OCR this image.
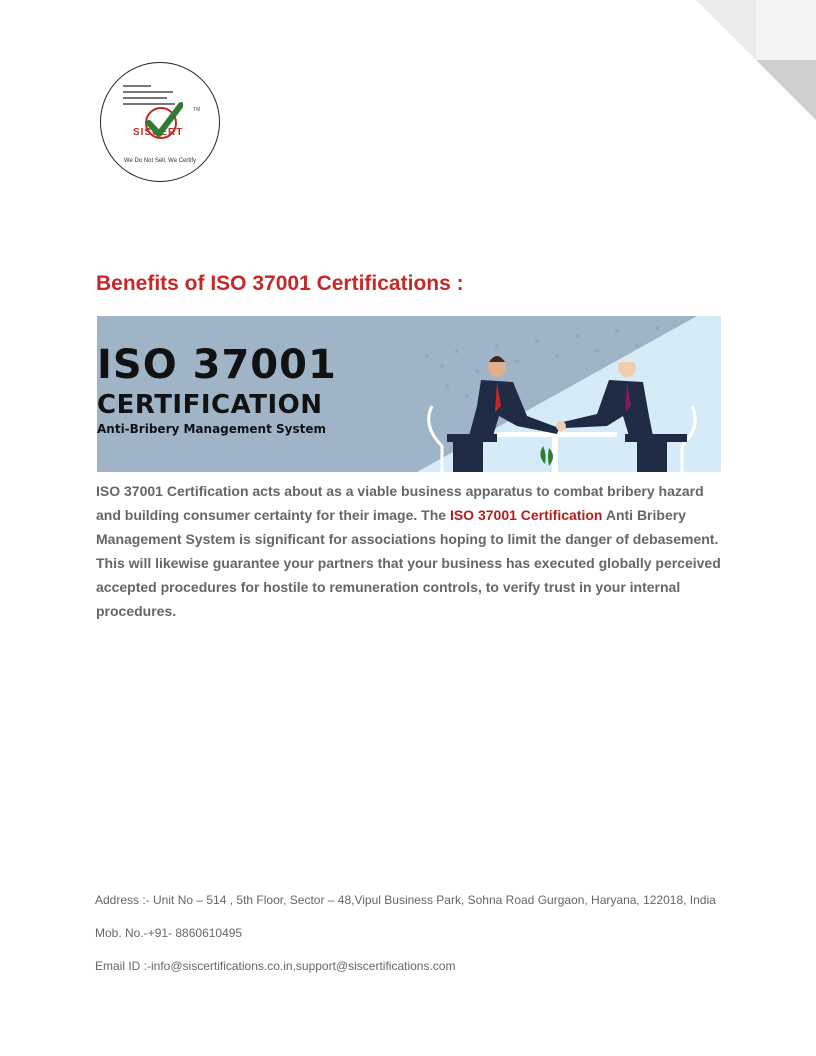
TM
SISCERT
We Do Not Sell, We Certify
Benefits of ISO 37001 Certifications :
ISO 37001
CERTIFICATION
Anti-Bribery Management System

ISO 37001 Certification acts about as a viable business apparatus to combat bribery hazard and building consumer certainty for their image. The ISO 37001 Certification Anti Bribery Management System is significant for associations hoping to limit the danger of debasement. This will likewise guarantee your partners that your business has executed globally perceived accepted procedures for hostile to remuneration controls, to verify trust in your internal procedures.

Address :- Unit No – 514 , 5th Floor, Sector – 48,Vipul Business Park, Sohna Road Gurgaon, Haryana, 122018, India

Mob. No.-+91- 8860610495

Email ID :-info@siscertifications.co.in,support@siscertifications.com
